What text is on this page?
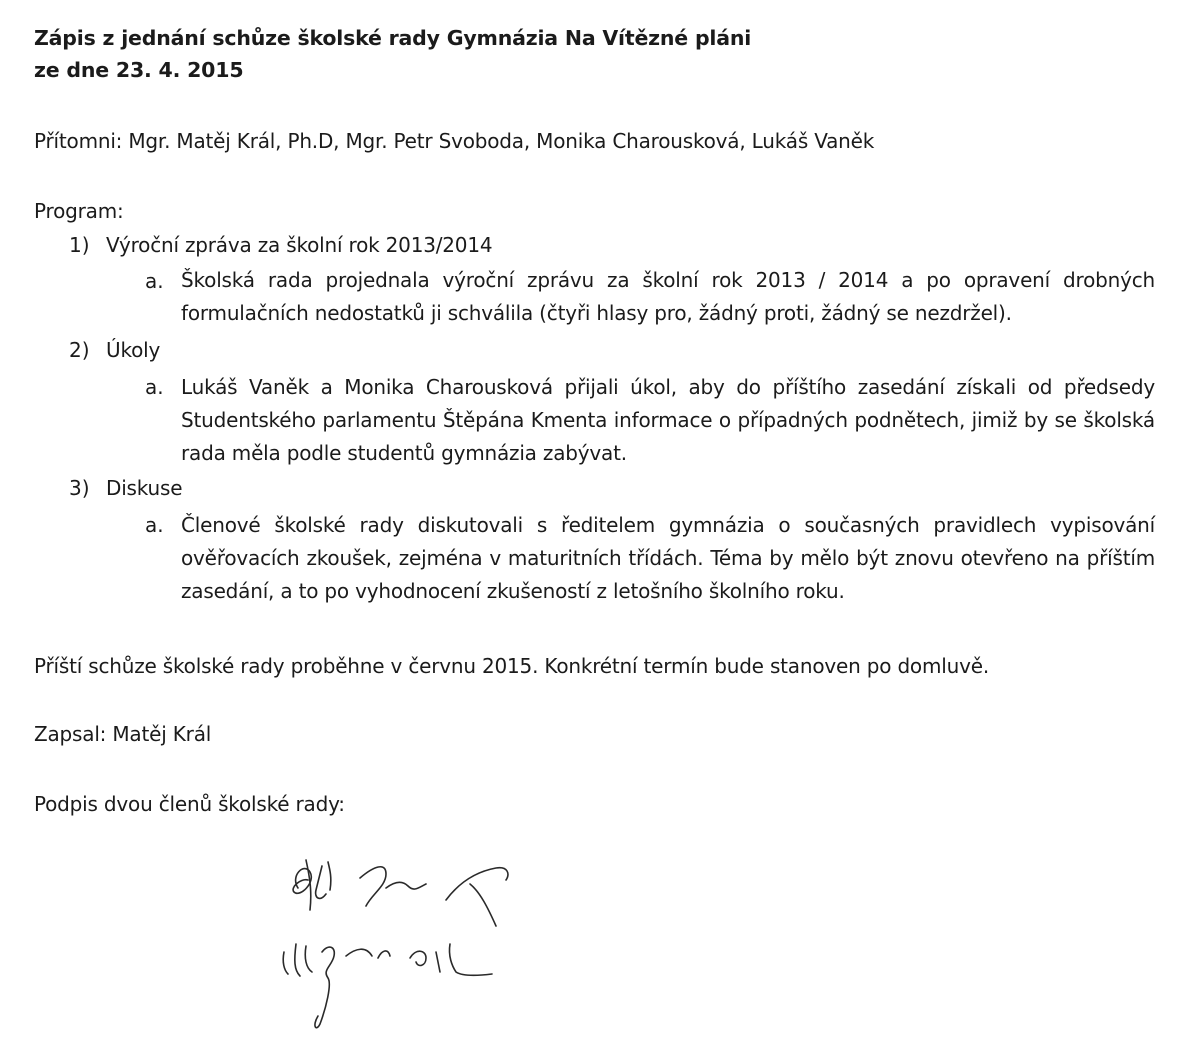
Zápis z jednání schůze školské rady Gymnázia Na Vítězné pláni
ze dne 23. 4. 2015
Přítomni: Mgr. Matěj Král, Ph.D, Mgr. Petr Svoboda, Monika Charousková, Lukáš Vaněk
Program:
1) Výroční zpráva za školní rok 2013/2014
a. Školská rada projednala výroční zprávu za školní rok 2013 / 2014 a po opravení drobných formulačních nedostatků ji schválila (čtyři hlasy pro, žádný proti, žádný se nezdržel).
2) Úkoly
a. Lukáš Vaněk a Monika Charousková přijali úkol, aby do příštího zasedání získali od předsedy Studentského parlamentu Štěpána Kmenta informace o případných podnětech, jimiž by se školská rada měla podle studentů gymnázia zabývat.
3) Diskuse
a. Členové školské rady diskutovali s ředitelem gymnázia o současných pravidlech vypisování ověřovacích zkoušek, zejména v maturitních třídách. Téma by mělo být znovu otevřeno na příštím zasedání, a to po vyhodnocení zkušeností z letošního školního roku.
Příští schůze školské rady proběhne v červnu 2015. Konkrétní termín bude stanoven po domluvě.
Zapsal: Matěj Král
Podpis dvou členů školské rady:
